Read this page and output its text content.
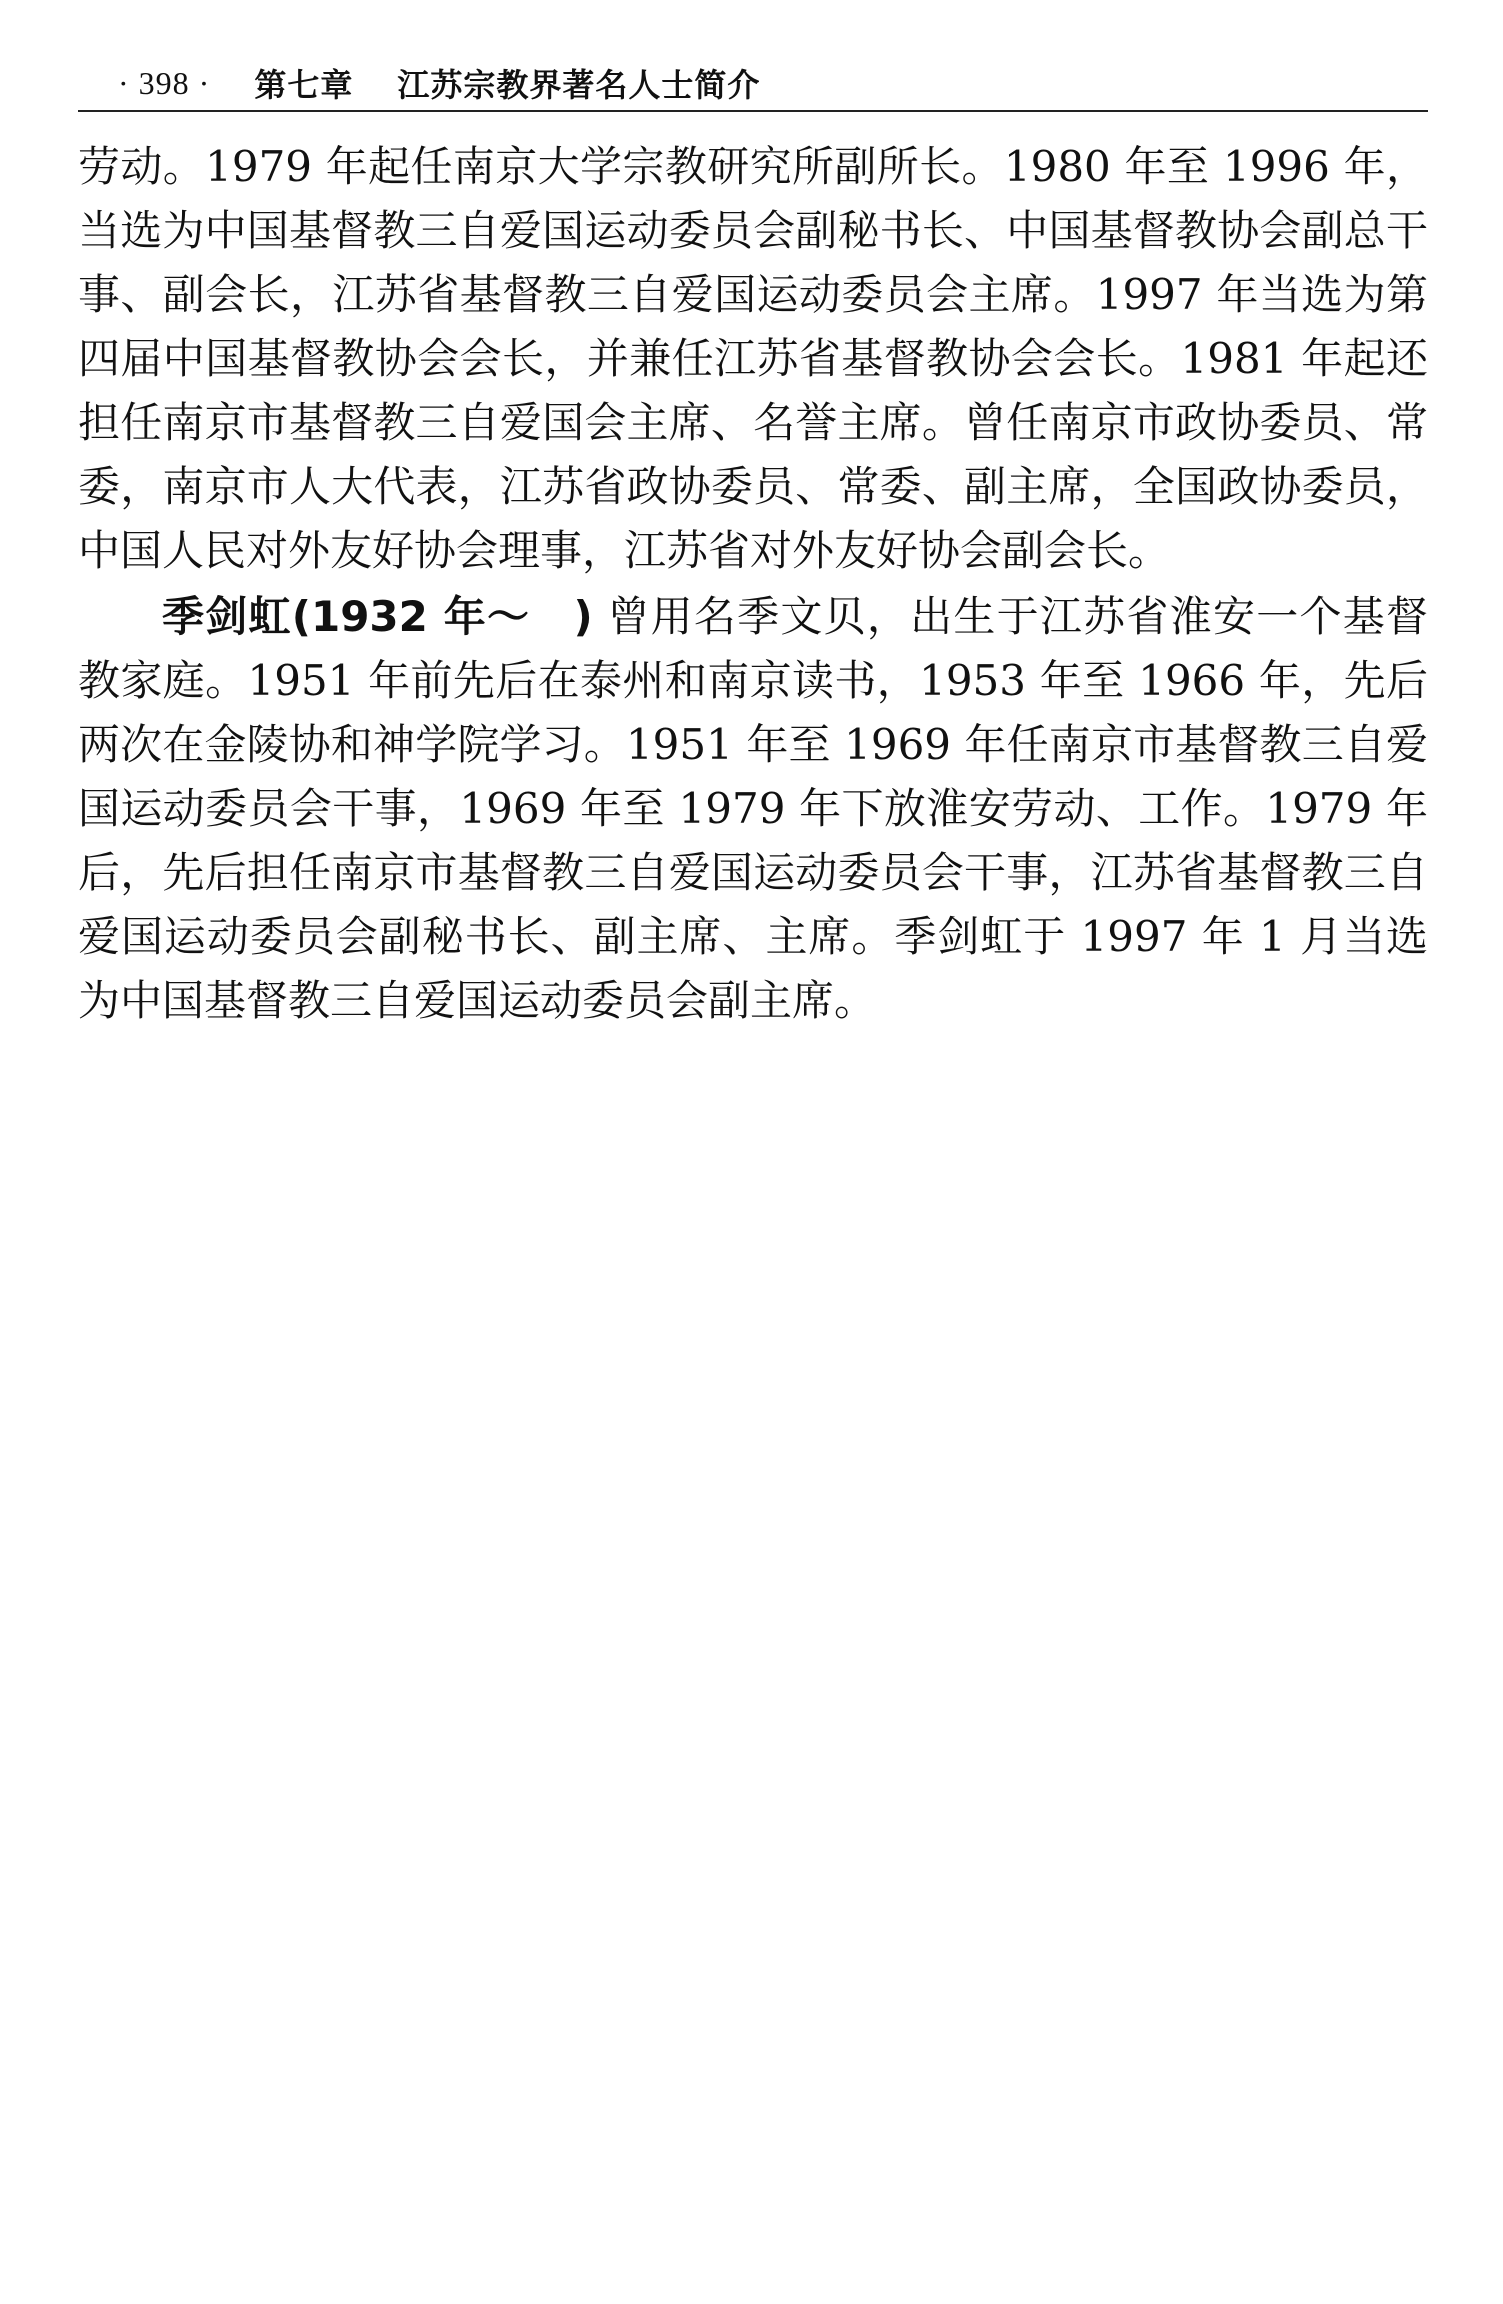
· 398 · 第七章 江苏宗教界著名人士简介

劳动。1979 年起任南京大学宗教研究所副所长。1980 年至 1996 年，当选为中国基督教三自爱国运动委员会副秘书长、中国基督教协会副总干事、副会长，江苏省基督教三自爱国运动委员会主席。1997 年当选为第四届中国基督教协会会长，并兼任江苏省基督教协会会长。1981 年起还担任南京市基督教三自爱国会主席、名誉主席。曾任南京市政协委员、常委，南京市人大代表，江苏省政协委员、常委、副主席，全国政协委员，中国人民对外友好协会理事，江苏省对外友好协会副会长。

季剑虹(1932 年～　) 曾用名季文贝，出生于江苏省淮安一个基督教家庭。1951 年前先后在泰州和南京读书，1953 年至 1966 年，先后两次在金陵协和神学院学习。1951 年至 1969 年任南京市基督教三自爱国运动委员会干事，1969 年至 1979 年下放淮安劳动、工作。1979 年后，先后担任南京市基督教三自爱国运动委员会干事，江苏省基督教三自爱国运动委员会副秘书长、副主席、主席。季剑虹于 1997 年 1 月当选为中国基督教三自爱国运动委员会副主席。
